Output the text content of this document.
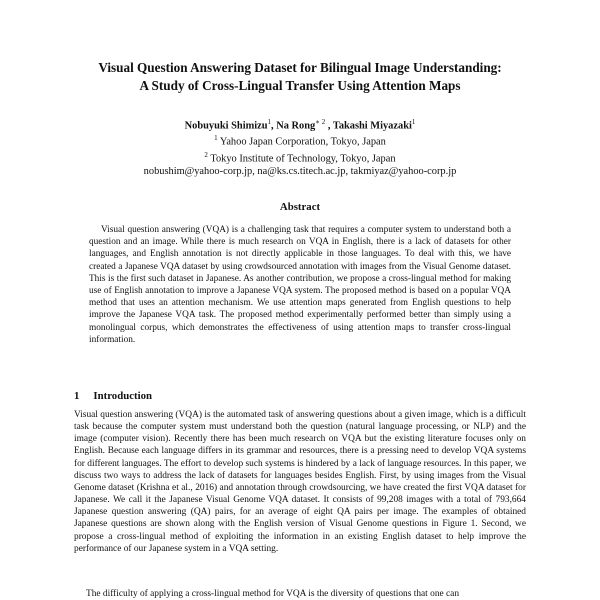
Visual Question Answering Dataset for Bilingual Image Understanding:
A Study of Cross-Lingual Transfer Using Attention Maps
Nobuyuki Shimizu$^1$, Na Rong$^{∗ 2}$ , Takashi Miyazaki$^1$
$^1$ Yahoo Japan Corporation, Tokyo, Japan
$^2$ Tokyo Institute of Technology, Tokyo, Japan
nobushim@yahoo-corp.jp, na@ks.cs.titech.ac.jp, takmiyaz@yahoo-corp.jp
Abstract
Visual question answering (VQA) is a challenging task that requires a computer system to understand both a question and an image. While there is much research on VQA in English, there is a lack of datasets for other languages, and English annotation is not directly applicable in those languages. To deal with this, we have created a Japanese VQA dataset by using crowdsourced annotation with images from the Visual Genome dataset. This is the first such dataset in Japanese. As another contribution, we propose a cross-lingual method for making use of English annotation to improve a Japanese VQA system. The proposed method is based on a popular VQA method that uses an attention mechanism. We use attention maps generated from English questions to help improve the Japanese VQA task. The proposed method experimentally performed better than simply using a monolingual corpus, which demonstrates the effectiveness of using attention maps to transfer cross-lingual information.
1 Introduction
Visual question answering (VQA) is the automated task of answering questions about a given image, which is a difficult task because the computer system must understand both the question (natural language processing, or NLP) and the image (computer vision). Recently there has been much research on VQA but the existing literature focuses only on English. Because each language differs in its grammar and resources, there is a pressing need to develop VQA systems for different languages. The effort to develop such systems is hindered by a lack of language resources. In this paper, we discuss two ways to address the lack of datasets for languages besides English. First, by using images from the Visual Genome dataset (Krishna et al., 2016) and annotation through crowdsourcing, we have created the first VQA dataset for Japanese. We call it the Japanese Visual Genome VQA dataset. It consists of 99,208 images with a total of 793,664 Japanese question answering (QA) pairs, for an average of eight QA pairs per image. The examples of obtained Japanese questions are shown along with the English version of Visual Genome questions in Figure 1. Second, we propose a cross-lingual method of exploiting the information in an existing English dataset to help improve the performance of our Japanese system in a VQA setting.
The difficulty of applying a cross-lingual method for VQA is the diversity of questions that one can
